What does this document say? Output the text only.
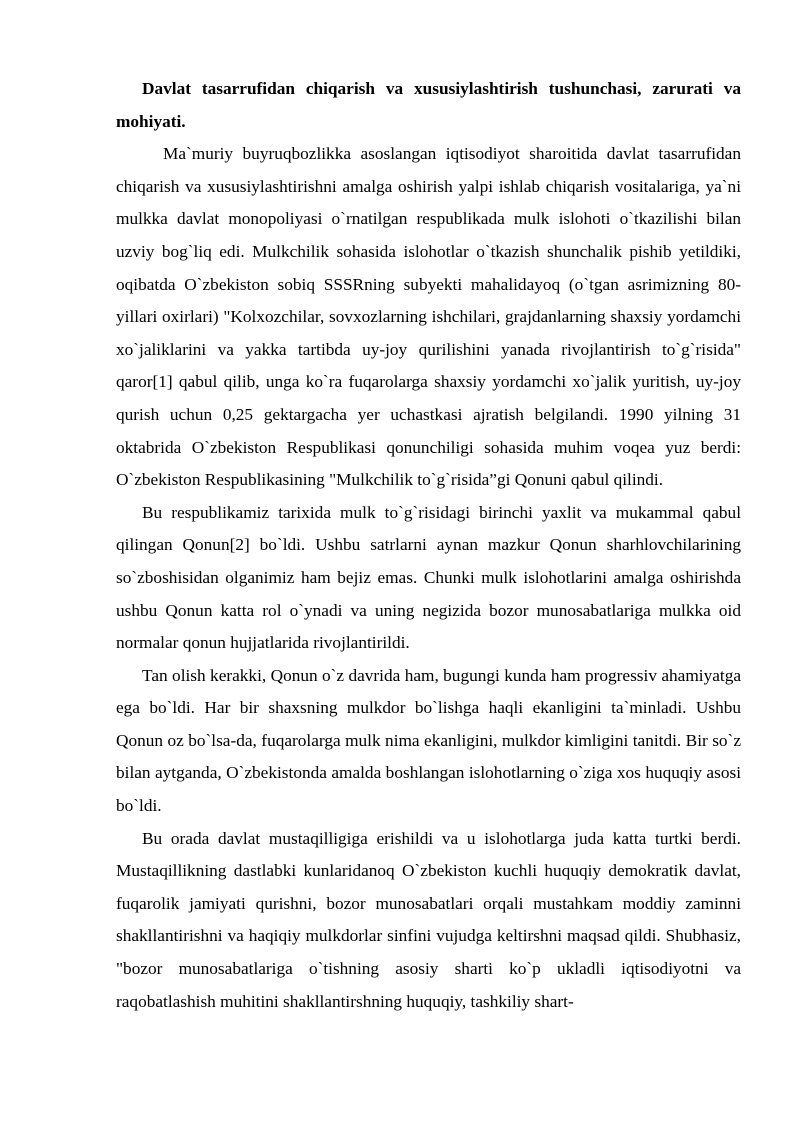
Davlat tasarrufidan chiqarish va xususiylashtirish tushunchasi, zarurati va mohiyati.

Ma`muriy buyruqbozlikka asoslangan iqtisodiyot sharoitida davlat tasarrufidan chiqarish va xususiylashtirishni amalga oshirish yalpi ishlab chiqarish vositalariga, ya`ni mulkka davlat monopoliyasi o`rnatilgan respublikada mulk islohoti o`tkazilishi bilan uzviy bog`liq edi. Mulkchilik sohasida islohotlar o`tkazish shunchalik pishib yetildiki, oqibatda O`zbekiston sobiq SSSRning subyekti mahalidayoq (o`tgan asrimizning 80-yillari oxirlari) "Kolxozchilar, sovxozlarning ishchilari, grajdanlarning shaxsiy yordamchi xo`jaliklarini va yakka tartibda uy-joy qurilishini yanada rivojlantirish to`g`risida" qaror[1] qabul qilib, unga ko`ra fuqarolarga shaxsiy yordamchi xo`jalik yuritish, uy-joy qurish uchun 0,25 gektargacha yer uchastkasi ajratish belgilandi. 1990 yilning 31 oktabrida O`zbekiston Respublikasi qonunchiligi sohasida muhim voqea yuz berdi: O`zbekiston Respublikasining "Mulkchilik to`g`risida”gi Qonuni qabul qilindi.

Bu respublikamiz tarixida mulk to`g`risidagi birinchi yaxlit va mukammal qabul qilingan Qonun[2] bo`ldi. Ushbu satrlarni aynan mazkur Qonun sharhlovchilarining so`zboshisidan olganimiz ham bejiz emas. Chunki mulk islohotlarini amalga oshirishda ushbu Qonun katta rol o`ynadi va uning negizida bozor munosabatlariga mulkka oid normalar qonun hujjatlarida rivojlantirildi.

Tan olish kerakki, Qonun o`z davrida ham, bugungi kunda ham progressiv ahamiyatga ega bo`ldi. Har bir shaxsning mulkdor bo`lishga haqli ekanligini ta`minladi. Ushbu Qonun oz bo`lsa-da, fuqarolarga mulk nima ekanligini, mulkdor kimligini tanitdi. Bir so`z bilan aytganda, O`zbekistonda amalda boshlangan islohotlarning o`ziga xos huquqiy asosi bo`ldi.

Bu orada davlat mustaqilligiga erishildi va u islohotlarga juda katta turtki berdi. Mustaqillikning dastlabki kunlaridanoq O`zbekiston kuchli huquqiy demokratik davlat, fuqarolik jamiyati qurishni, bozor munosabatlari orqali mustahkam moddiy zaminni shakllantirishni va haqiqiy mulkdorlar sinfini vujudga keltirshni maqsad qildi. Shubhasiz, "bozor munosabatlariga o`tishning asosiy sharti ko`p ukladli iqtisodiyotni va raqobatlashish muhitini shakllantirshning huquqiy, tashkiliy shart-
